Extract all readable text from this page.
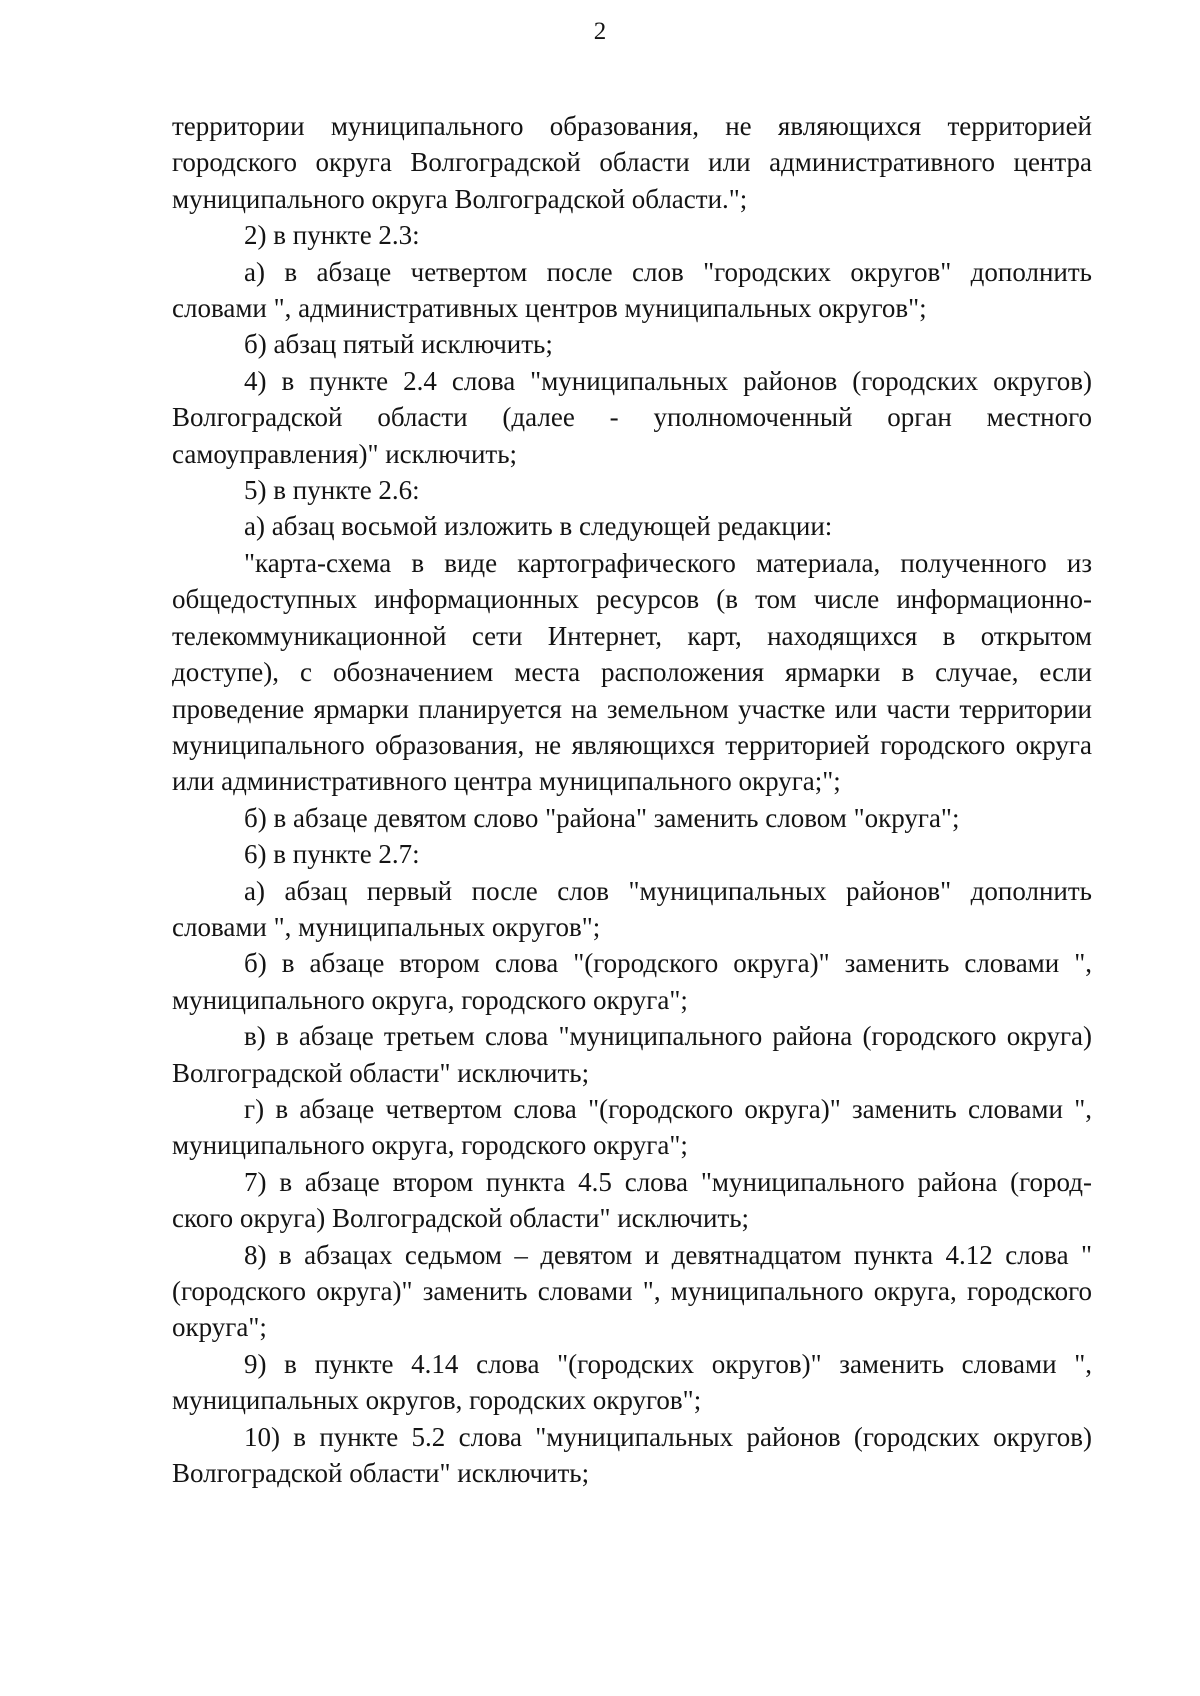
2

территории муниципального образования, не являющихся территорией городского округа Волгоградской области или административного центра муниципального округа Волгоградской области.";

2) в пункте 2.3:

а) в абзаце четвертом после слов "городских округов" дополнить словами ", административных центров муниципальных округов";

б) абзац пятый исключить;

4) в пункте 2.4 слова "муниципальных районов (городских округов) Волгоградской области (далее - уполномоченный орган местного самоуправления)" исключить;

5) в пункте 2.6:

а) абзац восьмой изложить в следующей редакции:

"карта-схема в виде картографического материала, полученного из общедоступных информационных ресурсов (в том числе информационно-телекоммуникационной сети Интернет, карт, находящихся в открытом доступе), с обозначением места расположения ярмарки в случае, если проведение ярмарки планируется на земельном участке или части территории муниципального образования, не являющихся территорией городского округа или административного центра муниципального округа;";

б) в абзаце девятом слово "района" заменить словом "округа";

6) в пункте 2.7:

а) абзац первый после слов "муниципальных районов" дополнить словами ", муниципальных округов";

б) в абзаце втором слова "(городского округа)" заменить словами ", муниципального округа, городского округа";

в) в абзаце третьем слова "муниципального района (городского округа) Волгоградской области" исключить;

г) в абзаце четвертом слова "(городского округа)" заменить словами ", муниципального округа, городского округа";

7) в абзаце втором пункта 4.5 слова "муниципального района (город-ского округа) Волгоградской области" исключить;

8) в абзацах седьмом – девятом и девятнадцатом пункта 4.12 слова "(городского округа)" заменить словами ", муниципального округа, городского округа";

9) в пункте 4.14 слова "(городских округов)" заменить словами ", муниципальных округов, городских округов";

10) в пункте 5.2 слова "муниципальных районов (городских округов) Волгоградской области" исключить;
